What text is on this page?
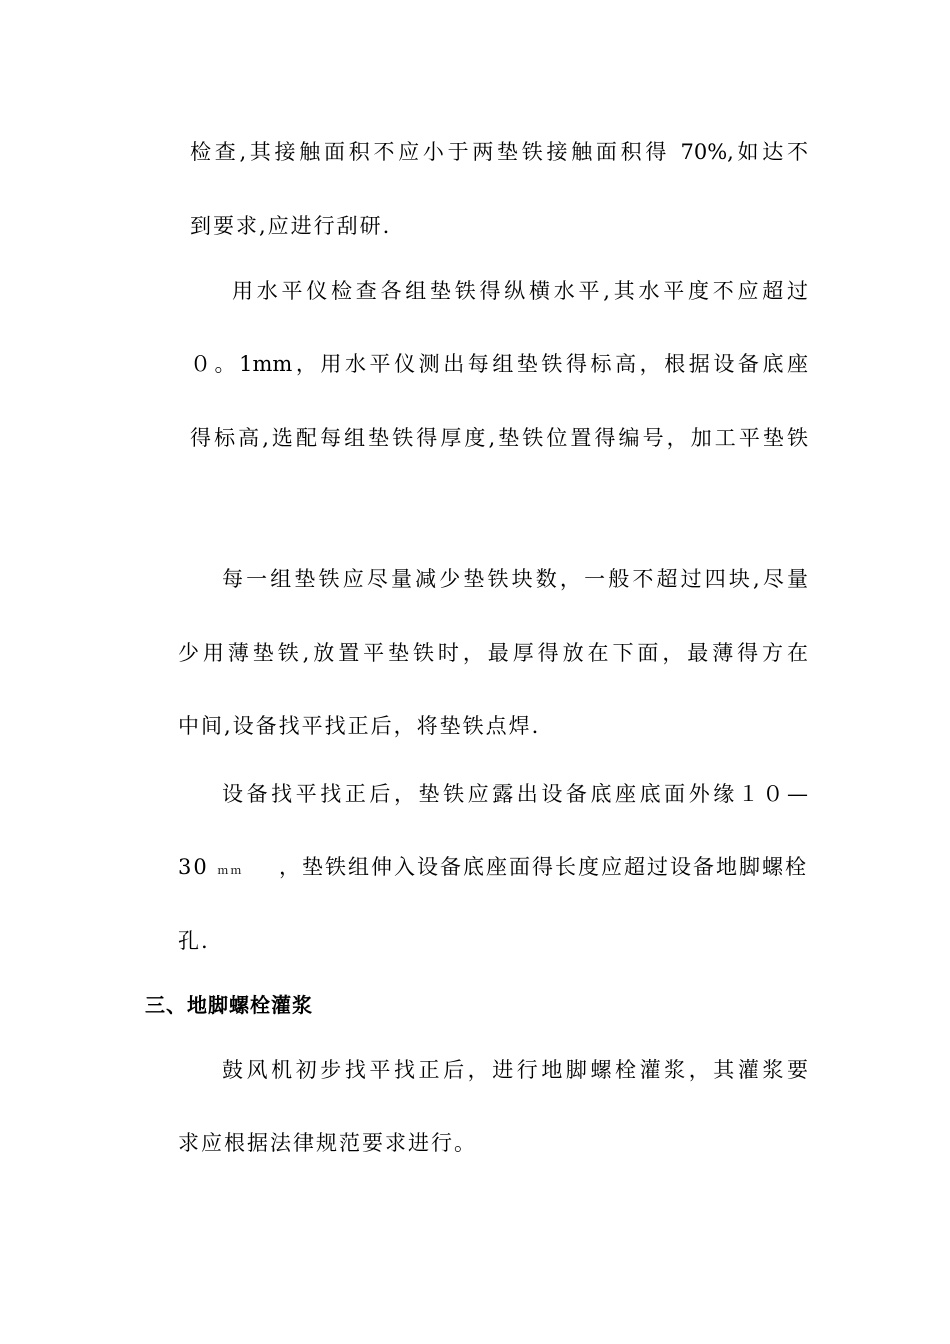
检查,其接触面积不应小于两垫铁接触面积得 70%,如达不
到要求,应进行刮研.
用水平仪检查各组垫铁得纵横水平,其水平度不应超过
０。1mm，用水平仪测出每组垫铁得标高，根据设备底座
得标高,选配每组垫铁得厚度,垫铁位置得编号，加工平垫铁
每一组垫铁应尽量减少垫铁块数，一般不超过四块,尽量
少用薄垫铁,放置平垫铁时，最厚得放在下面，最薄得方在
中间,设备找平找正后，将垫铁点焊.
设备找平找正后，垫铁应露出设备底座底面外缘１０—
30 ｍｍ ，垫铁组伸入设备底座面得长度应超过设备地脚螺栓
孔.
三、地脚螺栓灌浆
鼓风机初步找平找正后，进行地脚螺栓灌浆，其灌浆要
求应根据法律规范要求进行。
